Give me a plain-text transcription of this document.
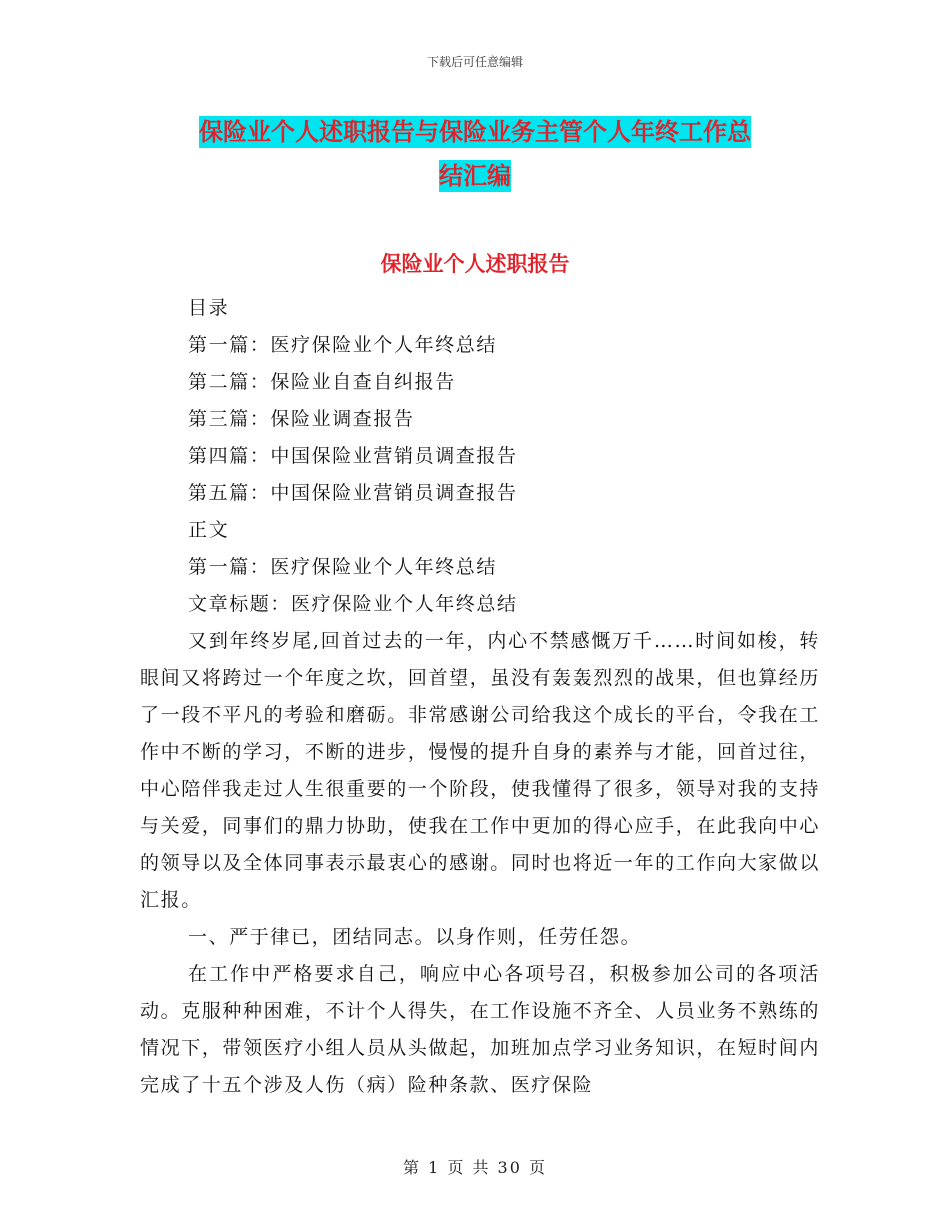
下载后可任意编辑
保险业个人述职报告与保险业务主管个人年终工作总
结汇编
保险业个人述职报告

目录

第一篇：医疗保险业个人年终总结

第二篇：保险业自查自纠报告

第三篇：保险业调查报告

第四篇：中国保险业营销员调查报告

第五篇：中国保险业营销员调查报告

正文

第一篇：医疗保险业个人年终总结

文章标题：医疗保险业个人年终总结

又到年终岁尾,回首过去的一年，内心不禁感慨万千……时间如梭，转眼间又将跨过一个年度之坎，回首望，虽没有轰轰烈烈的战果，但也算经历了一段不平凡的考验和磨砺。非常感谢公司给我这个成长的平台，令我在工作中不断的学习，不断的进步，慢慢的提升自身的素养与才能，回首过往，中心陪伴我走过人生很重要的一个阶段，使我懂得了很多，领导对我的支持与关爱，同事们的鼎力协助，使我在工作中更加的得心应手，在此我向中心的领导以及全体同事表示最衷心的感谢。同时也将近一年的工作向大家做以汇报。

一、严于律已，团结同志。以身作则，任劳任怨。

在工作中严格要求自己，响应中心各项号召，积极参加公司的各项活动。克服种种困难，不计个人得失，在工作设施不齐全、人员业务不熟练的情况下，带领医疗小组人员从头做起，加班加点学习业务知识，在短时间内完成了十五个涉及人伤（病）险种条款、医疗保险

第 1 页 共 30 页
